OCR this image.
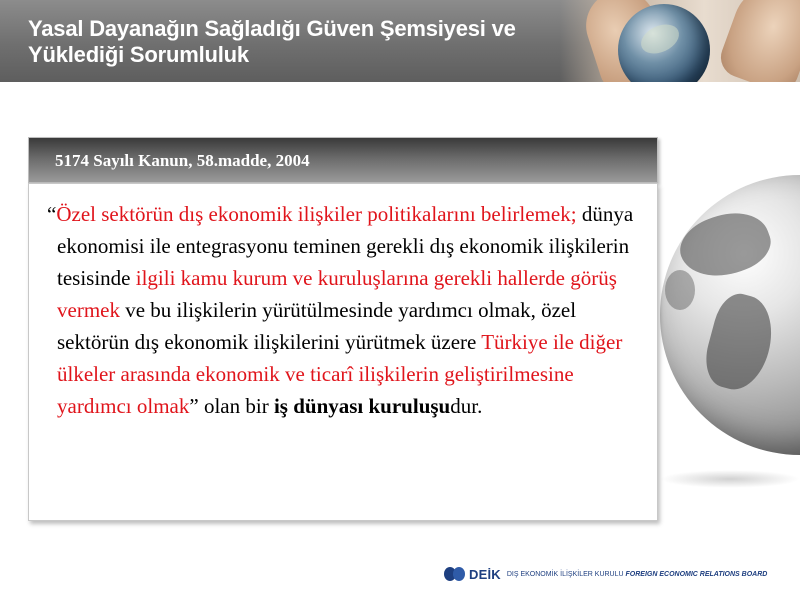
Yasal Dayanağın Sağladığı Güven Şemsiyesi ve Yüklediği Sorumluluk
5174 Sayılı Kanun, 58.madde, 2004
“Özel sektörün dış ekonomik ilişkiler politikalarını belirlemek; dünya ekonomisi ile entegrasyonu teminen gerekli dış ekonomik ilişkilerin tesisinde ilgili kamu kurum ve kuruluşlarına gerekli hallerde görüş vermek ve bu ilişkilerin yürütülmesinde yardımcı olmak, özel sektörün dış ekonomik ilişkilerini yürütmek üzere Türkiye ile diğer ülkeler arasında ekonomik ve ticarî ilişkilerin geliştirilmesine yardımcı olmak” olan bir iş dünyası kuruluşudur.
DEİK DIŞ EKONOMİK İLİŞKİLER KURULU FOREIGN ECONOMIC RELATIONS BOARD
